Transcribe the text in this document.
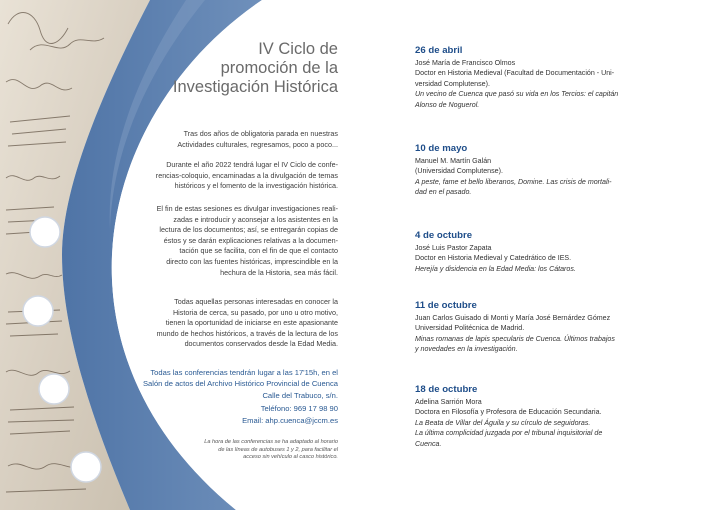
IV Ciclo de
promoción de la
Investigación Histórica
Tras dos años de obligatoria parada en nuestras
Actividades culturales, regresamos, poco a poco...
Durante el año 2022 tendrá lugar el IV Ciclo de confe-
rencias-coloquio, encaminadas a la divulgación de temas
históricos y el fomento de la investigación histórica.
El fin de estas sesiones es divulgar investigaciones reali-
zadas e introducir y aconsejar a los asistentes en la
lectura de los documentos; así, se entregarán copias de
éstos y se darán explicaciones relativas a la documen-
tación que se facilita, con el fin de que el contacto
directo con las fuentes históricas, imprescindible en la
hechura de la Historia, sea más fácil.
Todas aquellas personas interesadas en conocer la
Historia de cerca, su pasado, por uno u otro motivo,
tienen la oportunidad de iniciarse en este apasionante
mundo de hechos históricos, a través de la lectura de los
documentos conservados desde la Edad Media.
Todas las conferencias tendrán lugar a las 17'15h, en el
Salón de actos del Archivo Histórico Provincial de Cuenca
Calle del Trabuco, s/n.
Teléfono: 969 17 98 90
Email: ahp.cuenca@jccm.es
La hora de las conferencias se ha adaptado al horario
de las líneas de autobuses 1 y 2, para facilitar el
acceso sin vehículo al casco histórico.
26 de abril
José María de Francisco Olmos
Doctor en Historia Medieval (Facultad de Documentación - Uni-
versidad Complutense).
Un vecino de Cuenca que pasó su vida en los Tercios: el capitán
Alonso de Noguerol.
10 de mayo
Manuel M. Martín Galán
(Universidad Complutense).
A peste, fame et bello liberanos, Domine. Las crisis de mortali-
dad en el pasado.
4 de octubre
José Luis Pastor Zapata
Doctor en Historia Medieval y Catedrático de IES.
Herejía y disidencia en la Edad Media: los Cátaros.
11 de octubre
Juan Carlos Guisado di Monti y María José Bernárdez Gómez
Universidad Politécnica de Madrid.
Minas romanas de lapis specularis de Cuenca. Últimos trabajos
y novedades en la investigación.
18 de octubre
Adelina Sarrión Mora
Doctora en Filosofía y Profesora de Educación Secundaria.
La Beata de Villar del Águila y su círculo de seguidoras.
La última complicidad juzgada por el tribunal inquisitorial de
Cuenca.
